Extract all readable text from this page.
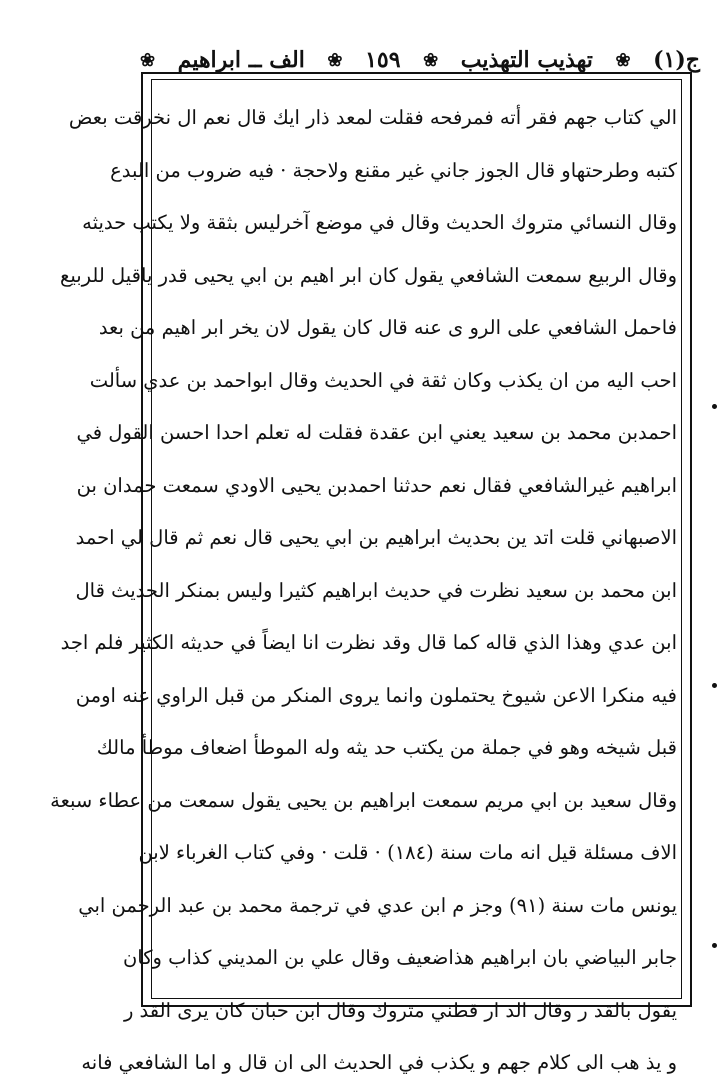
ج(١)
❀
تهذيب التهذيب
❀
١٥٩
❀
الف ــ ابراهيم
❀
الي كتاب جهم فقر أته فمرفحه فقلت لمعد ذار ايك قال نعم ال نخرقت بعض
كتبه وطرحتهاو قال الجوز جاني غير مقنع ولاحجة · فيه ضروب من البدع
وقال النسائي متروك الحديث وقال في موضع آخرليس بثقة ولا يكتب حديثه
وقال الربيع سمعت الشافعي يقول كان ابر اهيم بن ابي يحيى قدر ياقيل للربيع
فاحمل الشافعي على الرو ى عنه قال كان يقول لان يخر ابر اهيم من بعد
احب اليه من ان يكذب وكان ثقة في الحديث وقال ابواحمد بن عدي سألت
احمدبن محمد بن سعيد يعني ابن عقدة فقلت له تعلم احدا احسن القول في
ابراهيم غيرالشافعي فقال نعم حدثنا احمدبن يحيى الاودي سمعت حمدان بن
الاصبهاني قلت اتد ين بحديث ابراهيم بن ابي يحيى قال نعم ثم قال لي احمد
ابن محمد بن سعيد نظرت في حديث ابراهيم كثيرا وليس بمنكر الحديث قال
ابن عدي وهذا الذي قاله كما قال وقد نظرت انا ايضاً في حديثه الكثير فلم اجد
فيه منكرا الاعن شيوخ يحتملون وانما يروى المنكر من قبل الراوي عنه اومن
قبل شيخه وهو في جملة من يكتب حد يثه وله الموطأ اضعاف موطأ مالك
وقال سعيد بن ابي مريم سمعت ابراهيم بن يحيى يقول سمعت من عطاء سبعة
الاف مسئلة قيل انه مات سنة (١٨٤) · قلت · وفي كتاب الغرباء لابن
يونس مات سنة (٩١) وجز م ابن عدي في ترجمة محمد بن عبد الرحمن ابي
جابر البياضي بان ابراهيم هذاضعيف وقال علي بن المديني كذاب وكان
يقول بالقد ر وقال الد ار قطني متروك وقال ابن حبان كان يرى القد ر
و يذ هب الى كلام جهم و يكذب في الحديث الى ان قال و اما الشافعي فانه
